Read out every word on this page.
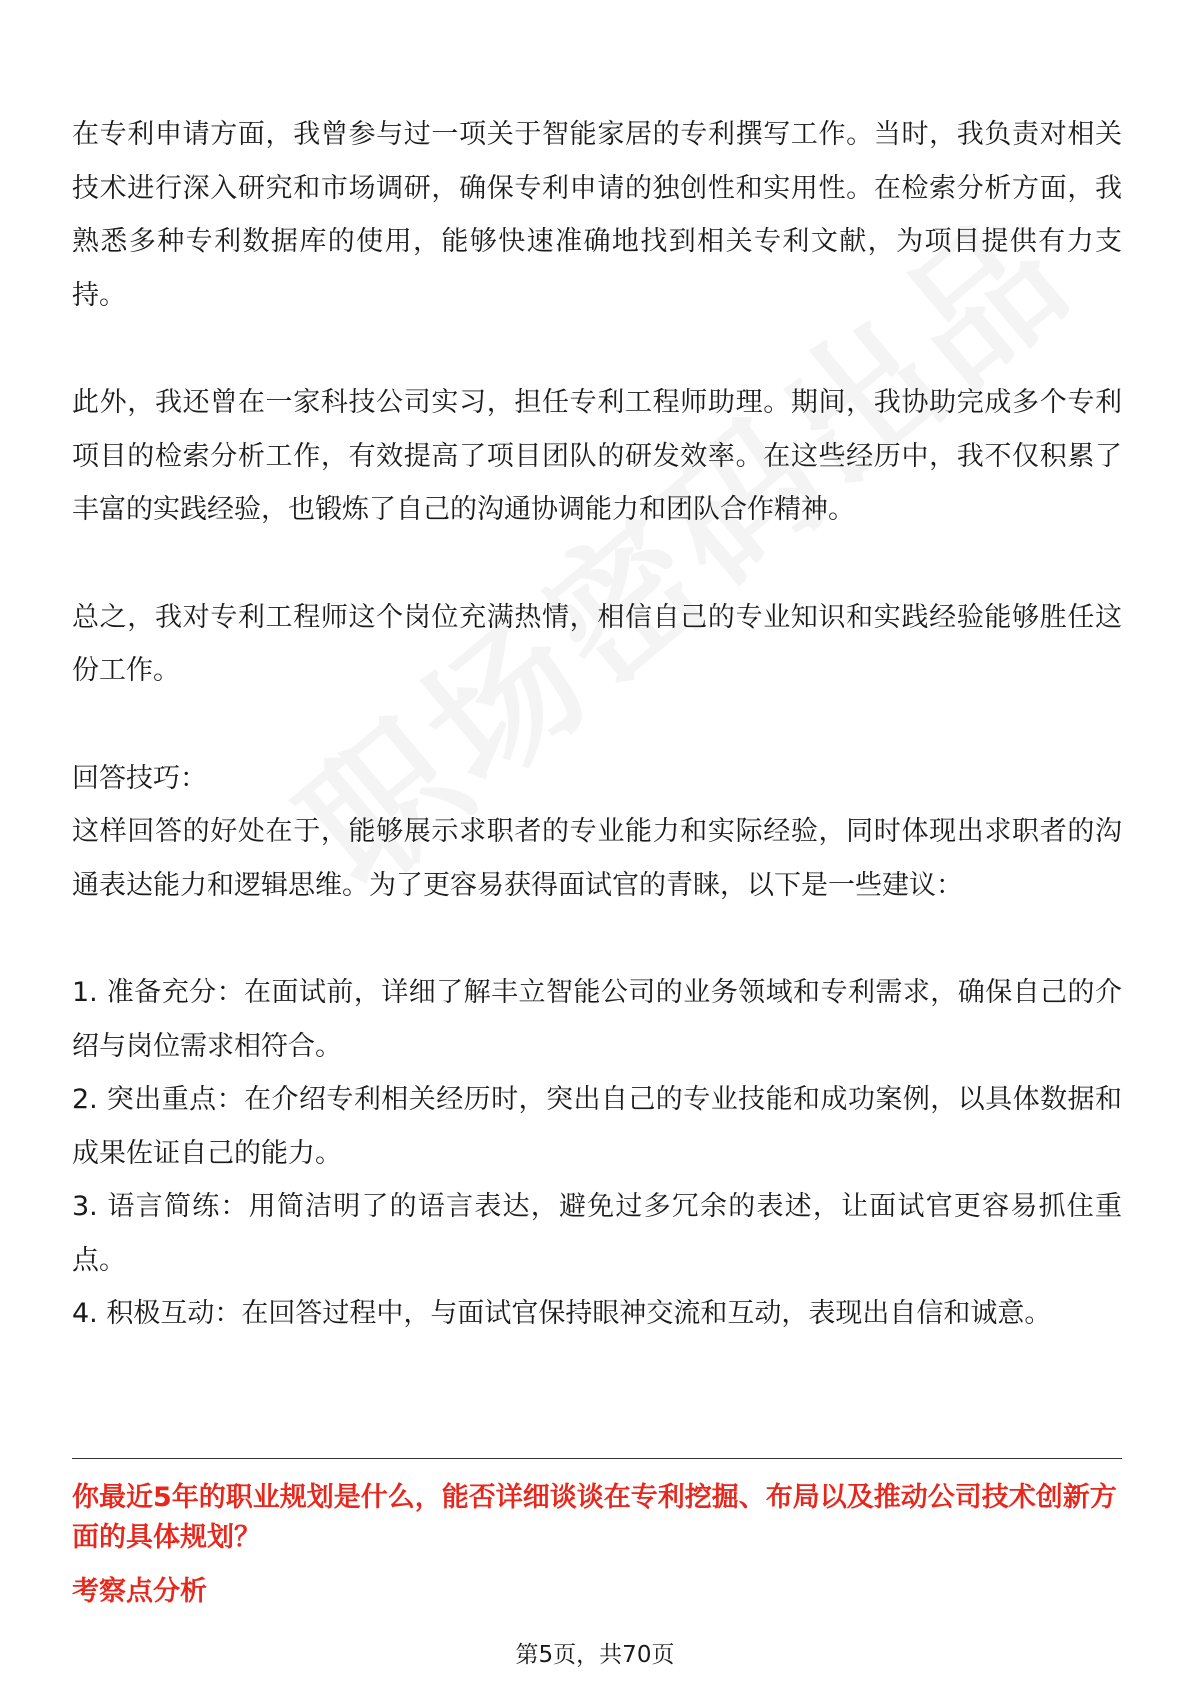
在专利申请方面，我曾参与过一项关于智能家居的专利撰写工作。当时，我负责对相关技术进行深入研究和市场调研，确保专利申请的独创性和实用性。在检索分析方面，我熟悉多种专利数据库的使用，能够快速准确地找到相关专利文献，为项目提供有力支持。

此外，我还曾在一家科技公司实习，担任专利工程师助理。期间，我协助完成多个专利项目的检索分析工作，有效提高了项目团队的研发效率。在这些经历中，我不仅积累了丰富的实践经验，也锻炼了自己的沟通协调能力和团队合作精神。

总之，我对专利工程师这个岗位充满热情，相信自己的专业知识和实践经验能够胜任这份工作。

回答技巧：

这样回答的好处在于，能够展示求职者的专业能力和实际经验，同时体现出求职者的沟通表达能力和逻辑思维。为了更容易获得面试官的青睐，以下是一些建议：

1. 准备充分：在面试前，详细了解丰立智能公司的业务领域和专利需求，确保自己的介绍与岗位需求相符合。

2. 突出重点：在介绍专利相关经历时，突出自己的专业技能和成功案例，以具体数据和成果佐证自己的能力。

3. 语言简练：用简洁明了的语言表达，避免过多冗余的表述，让面试官更容易抓住重点。

4. 积极互动：在回答过程中，与面试官保持眼神交流和互动，表现出自信和诚意。

你最近5年的职业规划是什么，能否详细谈谈在专利挖掘、布局以及推动公司技术创新方面的具体规划？

考察点分析

第5页，共70页
